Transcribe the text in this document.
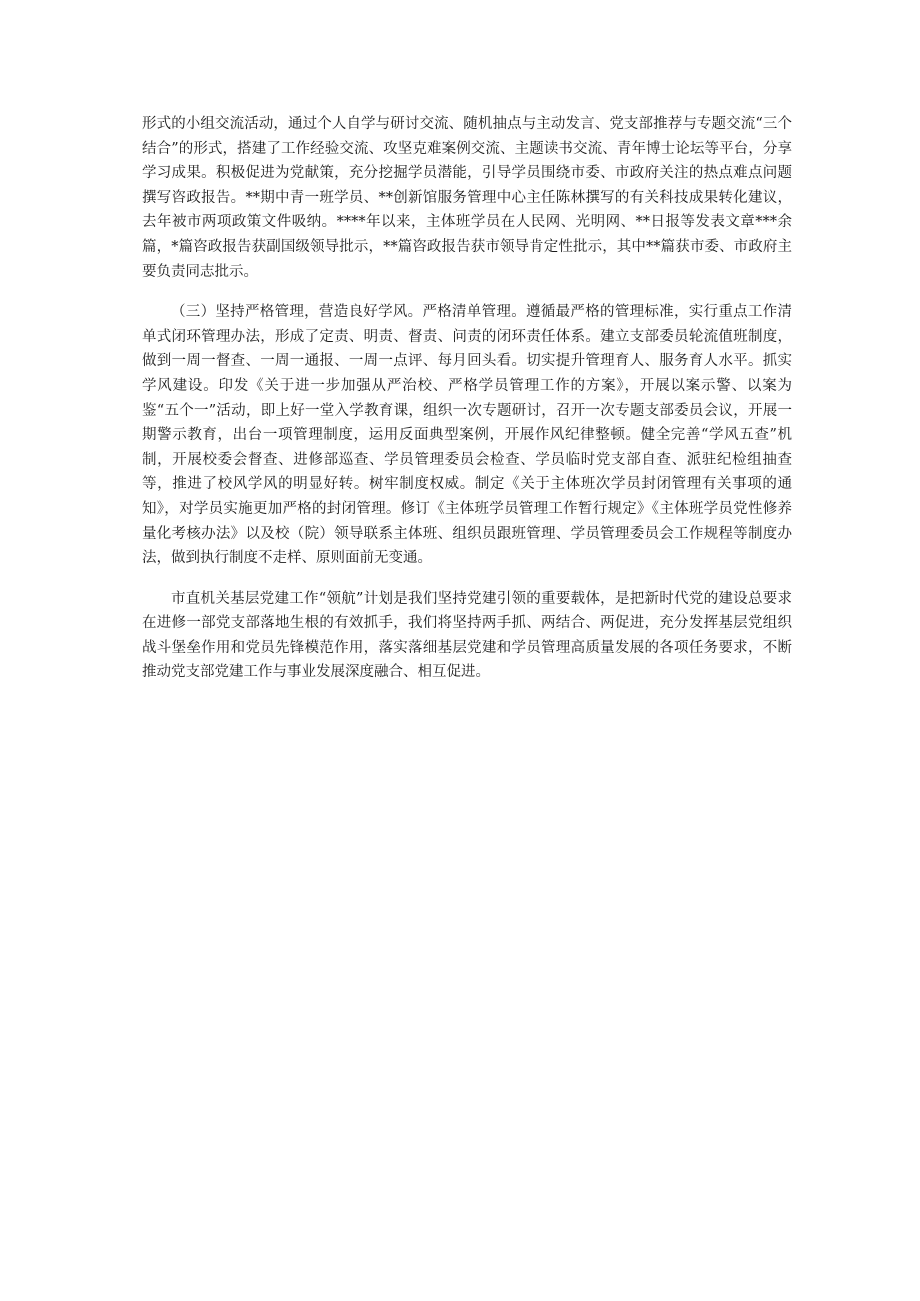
形式的小组交流活动，通过个人自学与研讨交流、随机抽点与主动发言、党支部推荐与专题交流“三个结合”的形式，搭建了工作经验交流、攻坚克难案例交流、主题读书交流、青年博士论坛等平台，分享学习成果。积极促进为党献策，充分挖掘学员潜能，引导学员围绕市委、市政府关注的热点难点问题撰写咨政报告。**期中青一班学员、**创新馆服务管理中心主任陈林撰写的有关科技成果转化建议，去年被市两项政策文件吸纳。****年以来，主体班学员在人民网、光明网、**日报等发表文章***余篇，*篇咨政报告获副国级领导批示，**篇咨政报告获市领导肯定性批示，其中**篇获市委、市政府主要负责同志批示。

（三）坚持严格管理，营造良好学风。严格清单管理。遵循最严格的管理标准，实行重点工作清单式闭环管理办法，形成了定责、明责、督责、问责的闭环责任体系。建立支部委员轮流值班制度，做到一周一督查、一周一通报、一周一点评、每月回头看。切实提升管理育人、服务育人水平。抓实学风建设。印发《关于进一步加强从严治校、严格学员管理工作的方案》，开展以案示警、以案为鉴“五个一”活动，即上好一堂入学教育课，组织一次专题研讨，召开一次专题支部委员会议，开展一期警示教育，出台一项管理制度，运用反面典型案例，开展作风纪律整顿。健全完善“学风五查”机制，开展校委会督查、进修部巡查、学员管理委员会检查、学员临时党支部自查、派驻纪检组抽查等，推进了校风学风的明显好转。树牢制度权威。制定《关于主体班次学员封闭管理有关事项的通知》，对学员实施更加严格的封闭管理。修订《主体班学员管理工作暂行规定》《主体班学员党性修养量化考核办法》以及校（院）领导联系主体班、组织员跟班管理、学员管理委员会工作规程等制度办法，做到执行制度不走样、原则面前无变通。

市直机关基层党建工作“领航”计划是我们坚持党建引领的重要载体，是把新时代党的建设总要求在进修一部党支部落地生根的有效抓手，我们将坚持两手抓、两结合、两促进，充分发挥基层党组织战斗堡垒作用和党员先锋模范作用，落实落细基层党建和学员管理高质量发展的各项任务要求，不断推动党支部党建工作与事业发展深度融合、相互促进。
